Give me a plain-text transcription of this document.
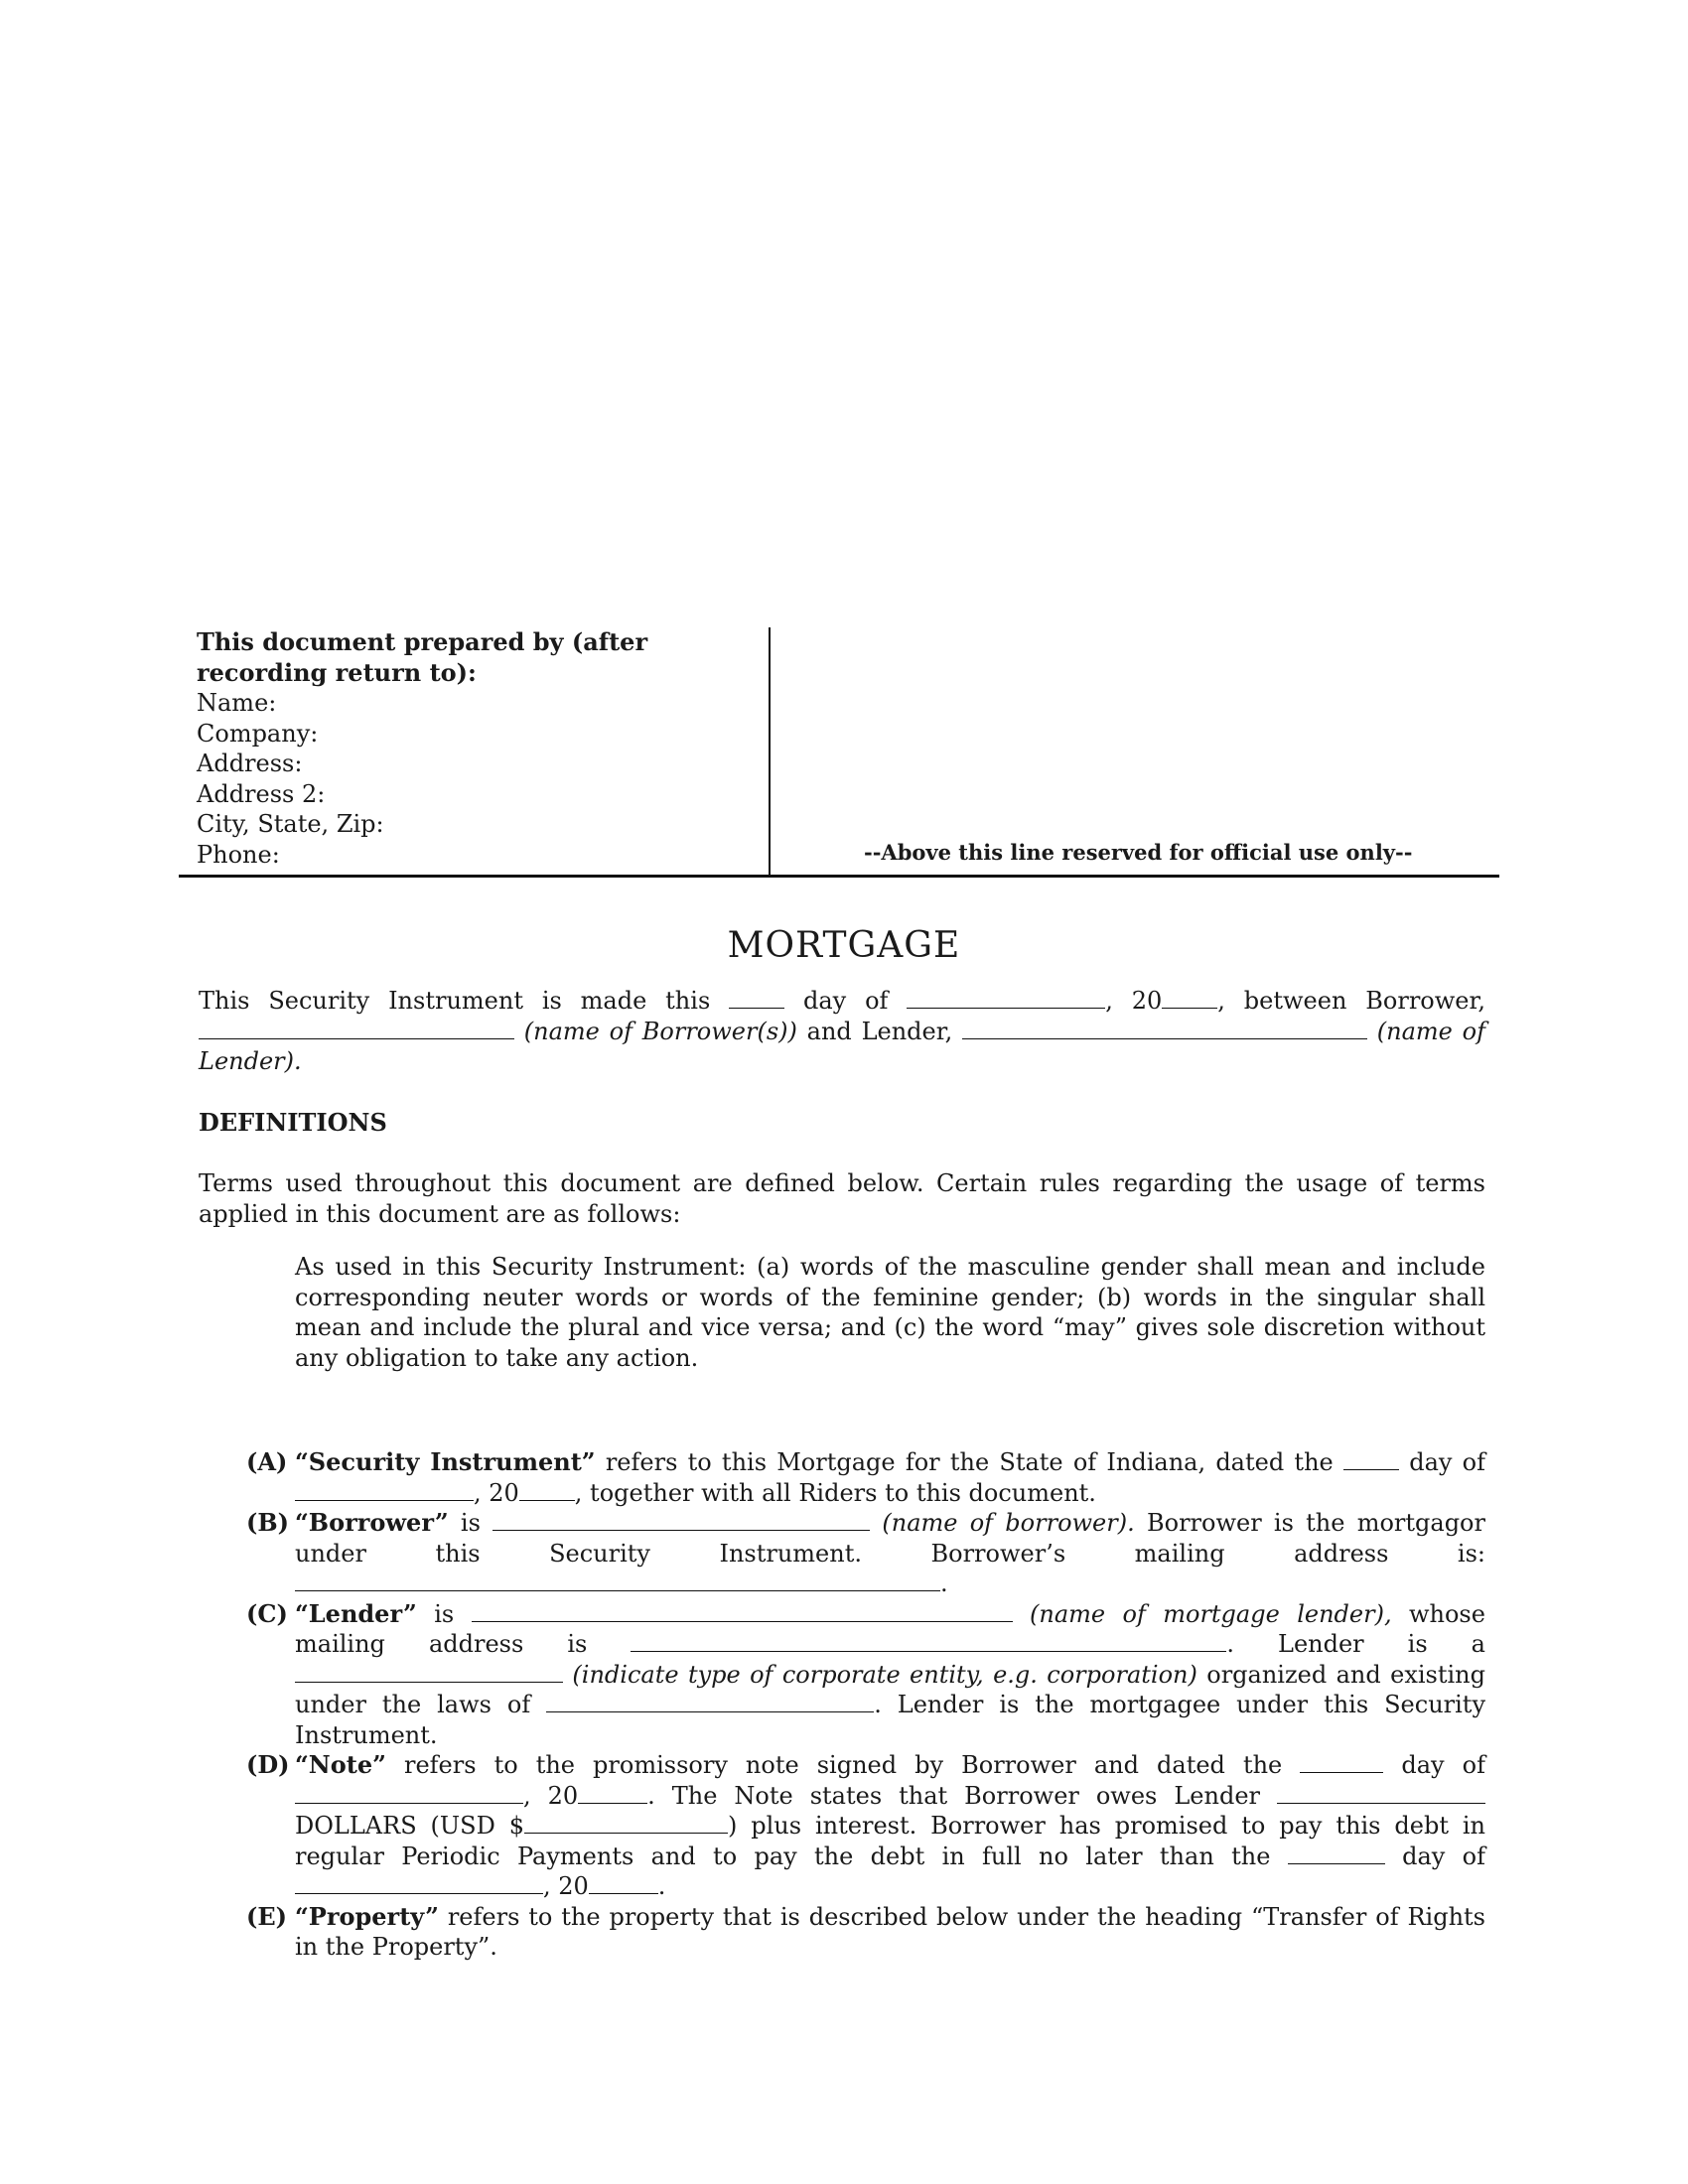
This document prepared by (after recording return to):
Name:
Company:
Address:
Address 2:
City, State, Zip:
Phone:	--Above this line reserved for official use only--
MORTGAGE
This Security Instrument is made this	day of	, 20 , between Borrower,  (name of Borrower(s)) and Lender,	(name of Lender).
DEFINITIONS
Terms used throughout this document are defined below. Certain rules regarding the usage of terms applied in this document are as follows:
As used in this Security Instrument: (a) words of the masculine gender shall mean and include corresponding neuter words or words of the feminine gender; (b) words in the singular shall mean and include the plural and vice versa; and (c) the word “may” gives sole discretion without any obligation to take any action.
(A) “Security Instrument” refers to this Mortgage for the State of Indiana, dated the	day of , 20 , together with all Riders to this document.
(B) “Borrower” is	(name of borrower). Borrower is the mortgagor under this Security Instrument. Borrower’s mailing address is: .
(C) “Lender” is	(name of mortgage lender), whose mailing address is	. Lender is a  (indicate type of corporate entity, e.g. corporation) organized and existing under the laws of	. Lender is the mortgagee under this Security Instrument.
(D) “Note” refers to the promissory note signed by Borrower and dated the	day of , 20	. The Note states that Borrower owes Lender  DOLLARS (USD $	) plus interest. Borrower has promised to pay this debt in regular Periodic Payments and to pay the debt in full no later than the	day of , 20	.
(E) “Property” refers to the property that is described below under the heading “Transfer of Rights in the Property”.
